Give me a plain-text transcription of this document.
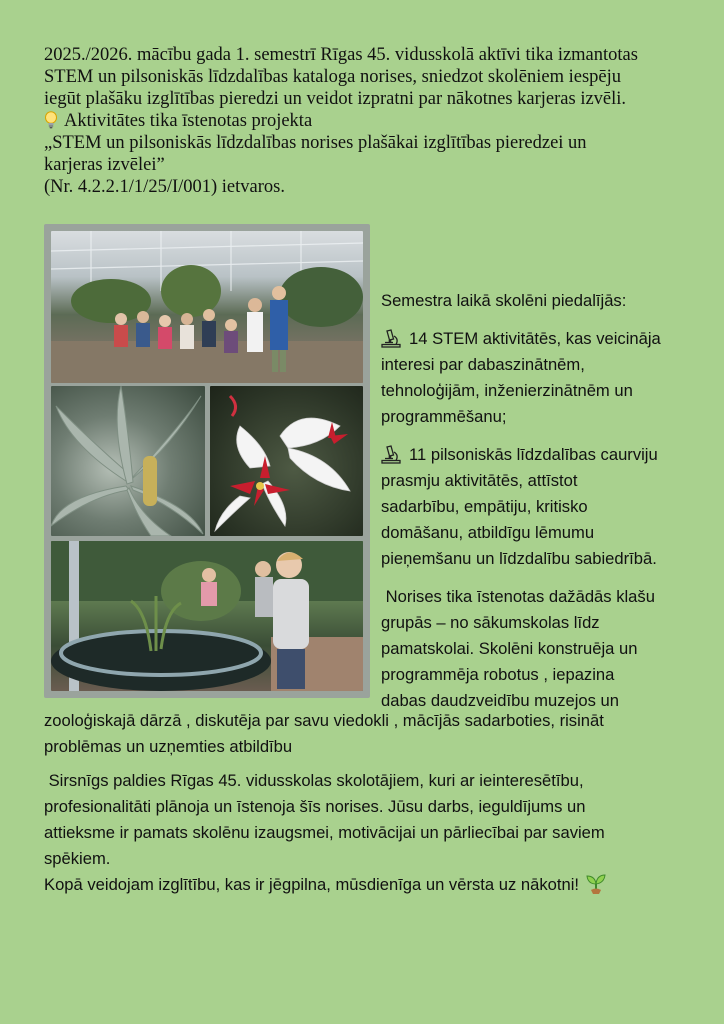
2025./2026. mācību gada 1. semestrī Rīgas 45. vidusskolā aktīvi tika izmantotas

STEM un pilsoniskās līdzdalības kataloga norises, sniedzot skolēniem iespēju

iegūt plašāku izglītības pieredzi un veidot izpratni par nākotnes karjeras izvēli.

Aktivitātes tika īstenotas projekta

„STEM un pilsoniskās līdzdalības norises plašākai izglītības pieredzei un

karjeras izvēlei”

(Nr. 4.2.2.1/1/25/I/001) ietvaros.

Semestra laikā skolēni piedalījās:

14 STEM aktivitātēs, kas veicināja

interesi par dabaszinātnēm,

tehnoloģijām, inženierzinātnēm un

programmēšanu;

11 pilsoniskās līdzdalības caurviju

prasmju aktivitātēs, attīstot

sadarbību, empātiju, kritisko

domāšanu, atbildīgu lēmumu

pieņemšanu un līdzdalību sabiedrībā.

Norises tika īstenotas dažādās klašu

grupās – no sākumskolas līdz

pamatskolai. Skolēni konstruēja un

programmēja robotus , iepazina

dabas daudzveidību muzejos un

zooloģiskajā dārzā , diskutēja par savu viedokli , mācījās sadarboties, risināt

problēmas un uzņemties atbildību

Sirsnīgs paldies Rīgas 45. vidusskolas skolotājiem, kuri ar ieinteresētību,

profesionalitāti plānoja un īstenoja šīs norises. Jūsu darbs, ieguldījums un

attieksme ir pamats skolēnu izaugsmei, motivācijai un pārliecībai par saviem

spēkiem.

Kopā veidojam izglītību, kas ir jēgpilna, mūsdienīga un vērsta uz nākotni!
